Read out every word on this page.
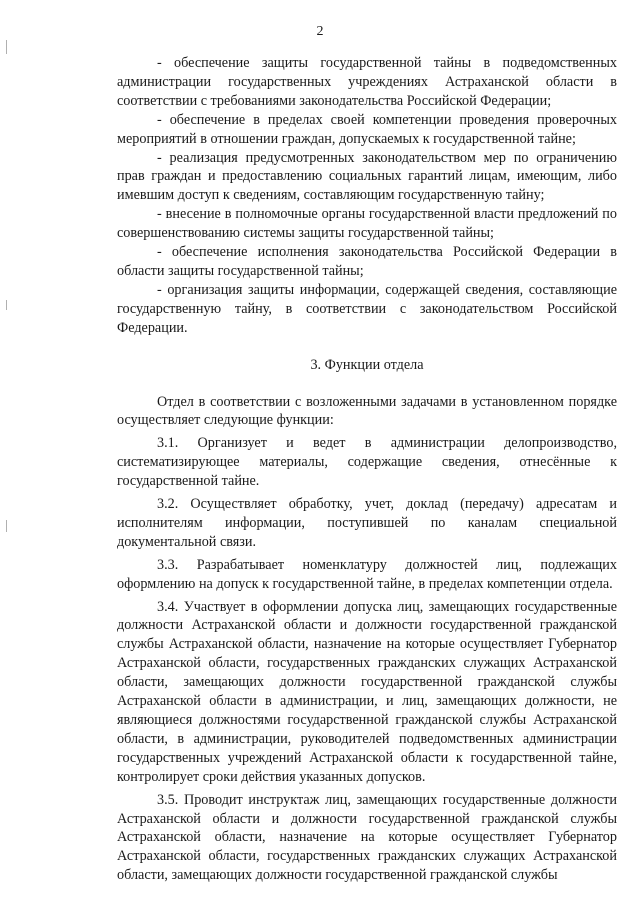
2

- обеспечение защиты государственной тайны в подведомственных администрации государственных учреждениях Астраханской области в соответствии с требованиями законодательства Российской Федерации;

- обеспечение в пределах своей компетенции проведения проверочных мероприятий в отношении граждан, допускаемых к государственной тайне;

- реализация предусмотренных законодательством мер по ограничению прав граждан и предоставлению социальных гарантий лицам, имеющим, либо имевшим доступ к сведениям, составляющим государственную тайну;

- внесение в полномочные органы государственной власти предложений по совершенствованию системы защиты государственной тайны;

- обеспечение исполнения законодательства Российской Федерации в области защиты государственной тайны;

- организация защиты информации, содержащей сведения, составляющие государственную тайну, в соответствии с законодательством Российской Федерации.

3. Функции отдела

Отдел в соответствии с возложенными задачами в установленном порядке осуществляет следующие функции:

3.1. Организует и ведет в администрации делопроизводство, систематизирующее материалы, содержащие сведения, отнесённые к государственной тайне.

3.2. Осуществляет обработку, учет, доклад (передачу) адресатам и исполнителям информации, поступившей по каналам специальной документальной связи.

3.3. Разрабатывает номенклатуру должностей лиц, подлежащих оформлению на допуск к государственной тайне, в пределах компетенции отдела.

3.4. Участвует в оформлении допуска лиц, замещающих государственные должности Астраханской области и должности государственной гражданской службы Астраханской области, назначение на которые осуществляет Губернатор Астраханской области, государственных гражданских служащих Астраханской области, замещающих должности государственной гражданской службы Астраханской области в администрации, и лиц, замещающих должности, не являющиеся должностями государственной гражданской службы Астраханской области, в администрации, руководителей подведомственных администрации государственных учреждений Астраханской области к государственной тайне, контролирует сроки действия указанных допусков.

3.5. Проводит инструктаж лиц, замещающих государственные должности Астраханской области и должности государственной гражданской службы Астраханской области, назначение на которые осуществляет Губернатор Астраханской области, государственных гражданских служащих Астраханской области, замещающих должности государственной гражданской службы
